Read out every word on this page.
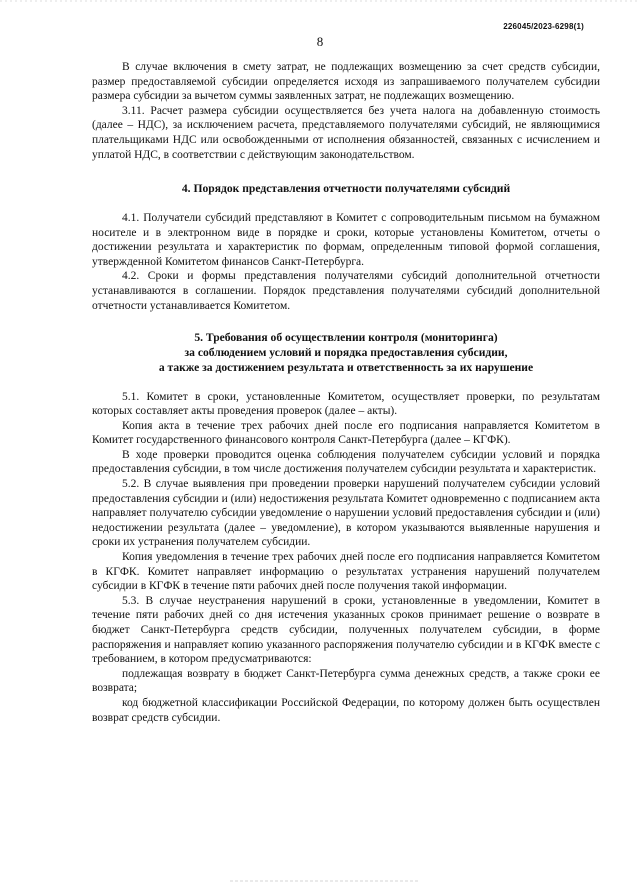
226045/2023-6298(1)
8

В случае включения в смету затрат, не подлежащих возмещению за счет средств субсидии, размер предоставляемой субсидии определяется исходя из запрашиваемого получателем субсидии размера субсидии за вычетом суммы заявленных затрат, не подлежащих возмещению.

3.11. Расчет размера субсидии осуществляется без учета налога на добавленную стоимость (далее – НДС), за исключением расчета, представляемого получателями субсидий, не являющимися плательщиками НДС или освобожденными от исполнения обязанностей, связанных с исчислением и уплатой НДС, в соответствии с действующим законодательством.

4. Порядок представления отчетности получателями субсидий

4.1. Получатели субсидий представляют в Комитет с сопроводительным письмом на бумажном носителе и в электронном виде в порядке и сроки, которые установлены Комитетом, отчеты о достижении результата и характеристик по формам, определенным типовой формой соглашения, утвержденной Комитетом финансов Санкт-Петербурга.

4.2. Сроки и формы представления получателями субсидий дополнительной отчетности устанавливаются в соглашении. Порядок представления получателями субсидий дополнительной отчетности устанавливается Комитетом.

5. Требования об осуществлении контроля (мониторинга)

за соблюдением условий и порядка предоставления субсидии,

а также за достижением результата и ответственность за их нарушение

5.1. Комитет в сроки, установленные Комитетом, осуществляет проверки, по результатам которых составляет акты проведения проверок (далее – акты).

Копия акта в течение трех рабочих дней после его подписания направляется Комитетом в Комитет государственного финансового контроля Санкт-Петербурга (далее – КГФК).

В ходе проверки проводится оценка соблюдения получателем субсидии условий и порядка предоставления субсидии, в том числе достижения получателем субсидии результата и характеристик.

5.2. В случае выявления при проведении проверки нарушений получателем субсидии условий предоставления субсидии и (или) недостижения результата Комитет одновременно с подписанием акта направляет получателю субсидии уведомление о нарушении условий предоставления субсидии и (или) недостижении результата (далее – уведомление), в котором указываются выявленные нарушения и сроки их устранения получателем субсидии.

Копия уведомления в течение трех рабочих дней после его подписания направляется Комитетом в КГФК. Комитет направляет информацию о результатах устранения нарушений получателем субсидии в КГФК в течение пяти рабочих дней после получения такой информации.

5.3. В случае неустранения нарушений в сроки, установленные в уведомлении, Комитет в течение пяти рабочих дней со дня истечения указанных сроков принимает решение о возврате в бюджет Санкт-Петербурга средств субсидии, полученных получателем субсидии, в форме распоряжения и направляет копию указанного распоряжения получателю субсидии и в КГФК вместе с требованием, в котором предусматриваются:

подлежащая возврату в бюджет Санкт-Петербурга сумма денежных средств, а также сроки ее возврата;

код бюджетной классификации Российской Федерации, по которому должен быть осуществлен возврат средств субсидии.
